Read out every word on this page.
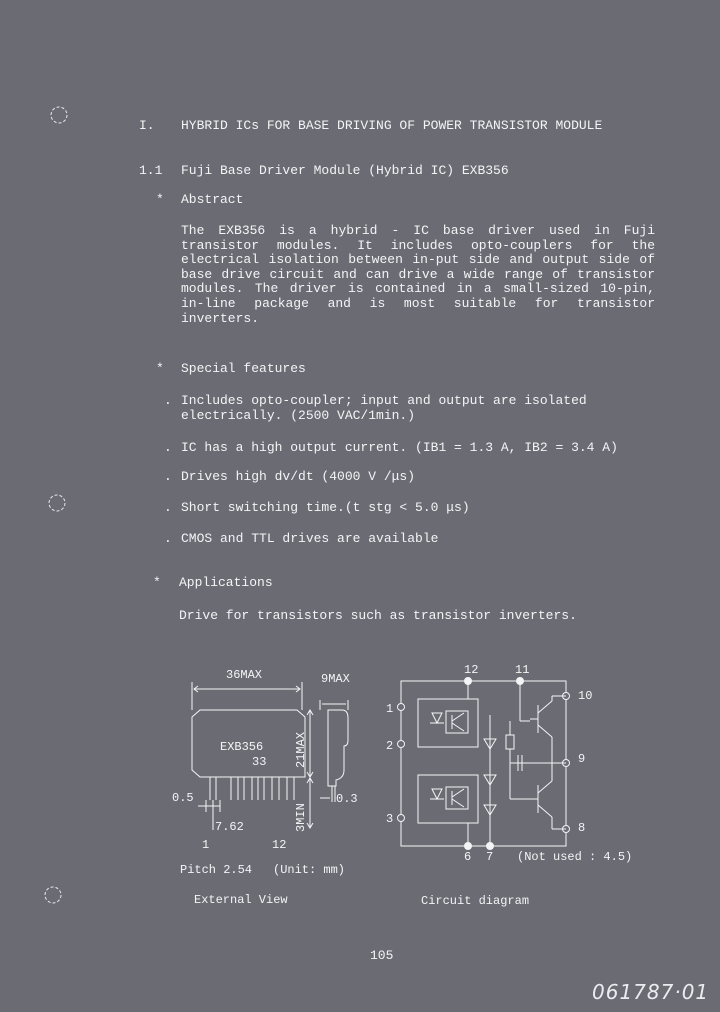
I. HYBRID ICs FOR BASE DRIVING OF POWER TRANSISTOR MODULE
1.1 Fuji Base Driver Module (Hybrid IC) EXB356
* Abstract
The EXB356 is a hybrid - IC base driver used in Fuji transistor modules. It includes opto-couplers for the electrical isolation between in-put side and output side of base drive circuit and can drive a wide range of transistor modules. The driver is contained in a small-sized 10-pin, in-line package and is most suitable for transistor inverters.
* Special features
. Includes opto-coupler; input and output are isolated
electrically. (2500 VAC/1min.)
. IC has a high output current. (IB1 = 1.3 A, IB2 = 3.4 A)
. Drives high dv/dt (4000 V /μs)
. Short switching time.(t stg < 5.0 μs)
. CMOS and TTL drives are available
* Applications
Drive for transistors such as transistor inverters.
36MAX	9MAX
EXB356
33 21MAX
3MIN
0.5
7.62
0.3
1	12
Pitch 2.54 (Unit: mm)
External View
12	11
1
2
3
10
9
8
6 7 (Not used : 4.5)
Circuit diagram
105
061787·01
